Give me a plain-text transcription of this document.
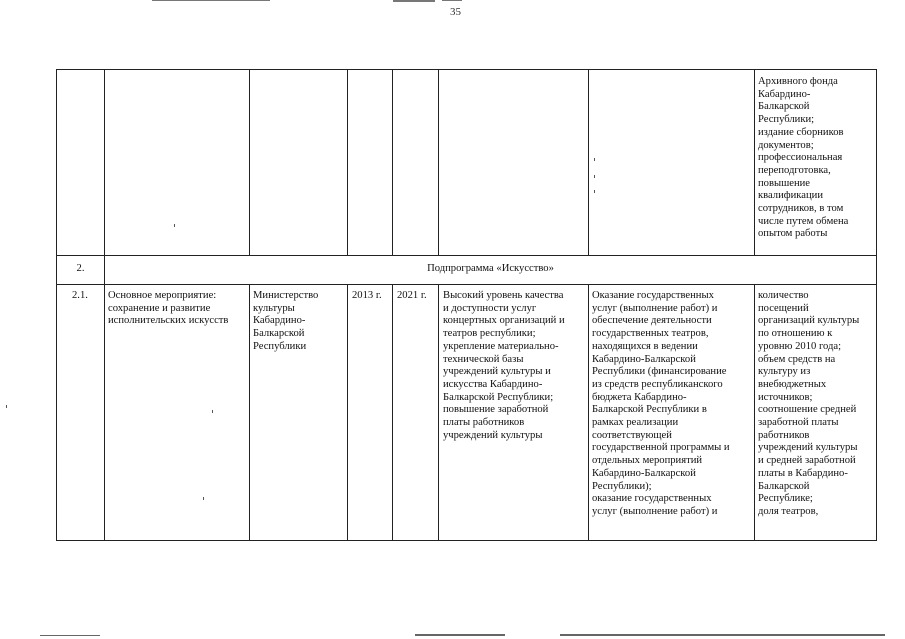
35
Архивного фонда
Кабардино-
Балкарской
Республики;
издание сборников
документов;
профессиональная
переподготовка,
повышение
квалификации
сотрудников, в том
числе путем обмена
опытом работы
2.	Подпрограмма «Искусство»
2.1. Основное мероприятие:
сохранение и развитие
исполнительских искусств
Министерство
культуры
Кабардино-
Балкарской
Республики
2013 г. 2021 г. Высокий уровень качества
и доступности услуг
концертных организаций и
театров республики;
укрепление материально-
технической базы
учреждений культуры и
искусства Кабардино-
Балкарской Республики;
повышение заработной
платы работников
учреждений культуры
Оказание государственных
услуг (выполнение работ) и
обеспечение деятельности
государственных театров,
находящихся в ведении
Кабардино-Балкарской
Республики (финансирование
из средств республиканского
бюджета Кабардино-
Балкарской Республики в
рамках реализации
соответствующей
государственной программы и
отдельных мероприятий
Кабардино-Балкарской
Республики);
оказание государственных
услуг (выполнение работ) и
количество
посещений
организаций культуры
по отношению к
уровню 2010 года;
объем средств на
культуру из
внебюджетных
источников;
соотношение средней
заработной платы
работников
учреждений культуры
и средней заработной
платы в Кабардино-
Балкарской
Республике;
доля театров,
